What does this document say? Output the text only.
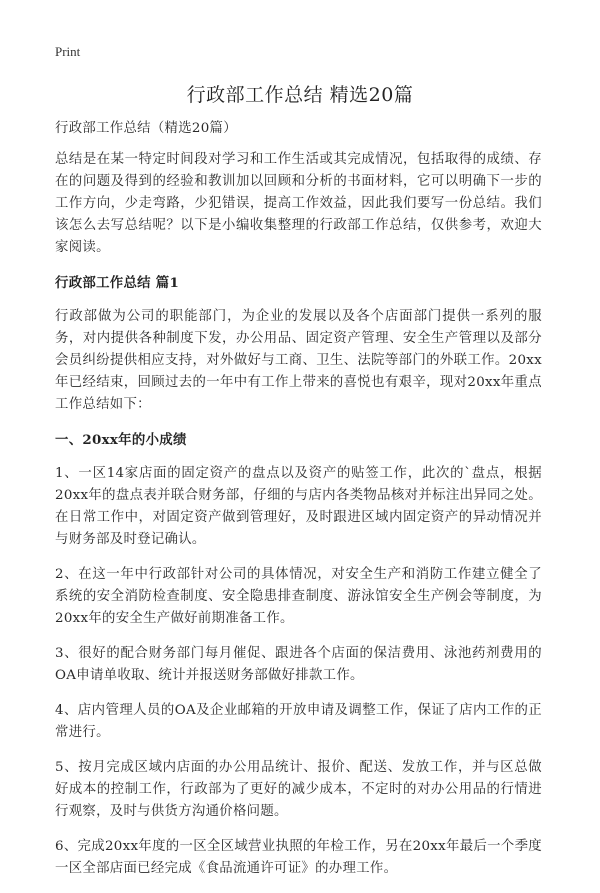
Print
行政部工作总结 精选20篇

行政部工作总结（精选20篇）

总结是在某一特定时间段对学习和工作生活或其完成情况，包括取得的成绩、存在的问题及得到的经验和教训加以回顾和分析的书面材料，它可以明确下一步的工作方向，少走弯路，少犯错误，提高工作效益，因此我们要写一份总结。我们该怎么去写总结呢？以下是小编收集整理的行政部工作总结，仅供参考，欢迎大家阅读。

行政部工作总结 篇1

行政部做为公司的职能部门，为企业的发展以及各个店面部门提供一系列的服务，对内提供各种制度下发，办公用品、固定资产管理、安全生产管理以及部分会员纠纷提供相应支持，对外做好与工商、卫生、法院等部门的外联工作。20xx年已经结束，回顾过去的一年中有工作上带来的喜悦也有艰辛，现对20xx年重点工作总结如下：

一、20xx年的小成绩

1、一区14家店面的固定资产的盘点以及资产的贴签工作，此次的`盘点，根据20xx年的盘点表并联合财务部，仔细的与店内各类物品核对并标注出异同之处。在日常工作中，对固定资产做到管理好，及时跟进区域内固定资产的异动情况并与财务部及时登记确认。

2、在这一年中行政部针对公司的具体情况，对安全生产和消防工作建立健全了系统的安全消防检查制度、安全隐患排查制度、游泳馆安全生产例会等制度，为20xx年的安全生产做好前期准备工作。

3、很好的配合财务部门每月催促、跟进各个店面的保洁费用、泳池药剂费用的OA申请单收取、统计并报送财务部做好排款工作。

4、店内管理人员的OA及企业邮箱的开放申请及调整工作，保证了店内工作的正常进行。

5、按月完成区域内店面的办公用品统计、报价、配送、发放工作，并与区总做好成本的控制工作，行政部为了更好的减少成本，不定时的对办公用品的行情进行观察，及时与供货方沟通价格问题。

6、完成20xx年度的一区全区域营业执照的年检工作，另在20xx年最后一个季度一区全部店面已经完成《食品流通许可证》的办理工作。
